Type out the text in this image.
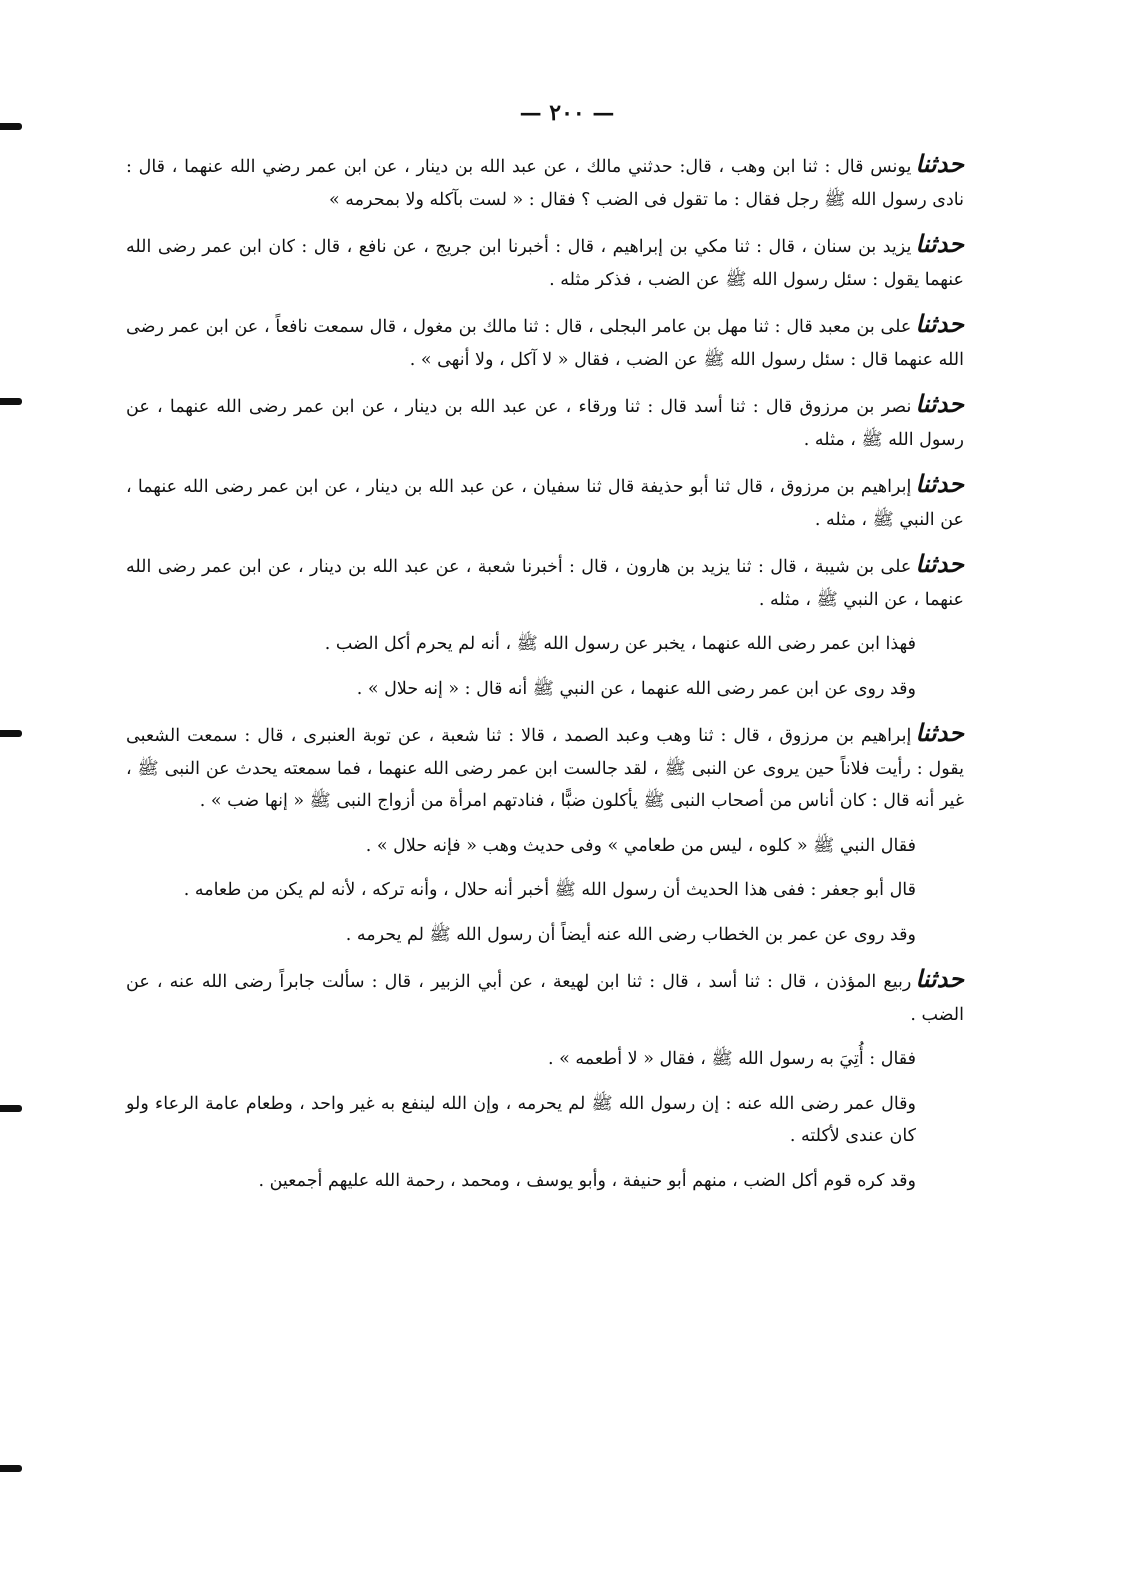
— ٢٠٠ —

حدثنايونس قال : ثنا ابن وهب ، قال: حدثني مالك ، عن عبد الله بن دينار ، عن ابن عمر رضي الله عنهما ، قال : نادى رسول الله ﷺ رجل فقال : ما تقول فى الضب ؟ فقال : « لست بآكله ولا بمحرمه »

حدثنايزيد بن سنان ، قال : ثنا مكي بن إبراهيم ، قال : أخبرنا ابن جريج ، عن نافع ، قال : كان ابن عمر رضى الله عنهما يقول : سئل رسول الله ﷺ عن الضب ، فذكر مثله .

حدثناعلى بن معبد قال : ثنا مهل بن عامر البجلى ، قال : ثنا مالك بن مغول ، قال سمعت نافعاً ، عن ابن عمر رضى الله عنهما قال : سئل رسول الله ﷺ عن الضب ، فقال « لا آكل ، ولا أنهى » .

حدثنانصر بن مرزوق قال : ثنا أسد قال : ثنا ورقاء ، عن عبد الله بن دينار ، عن ابن عمر رضى الله عنهما ، عن رسول الله ﷺ ، مثله .

حدثناإبراهيم بن مرزوق ، قال ثنا أبو حذيفة قال ثنا سفيان ، عن عبد الله بن دينار ، عن ابن عمر رضى الله عنهما ، عن النبي ﷺ ، مثله .

حدثناعلى بن شيبة ، قال : ثنا يزيد بن هارون ، قال : أخبرنا شعبة ، عن عبد الله بن دينار ، عن ابن عمر رضى الله عنهما ، عن النبي ﷺ ، مثله .

فهذا ابن عمر رضى الله عنهما ، يخبر عن رسول الله ﷺ ، أنه لم يحرم أكل الضب .

وقد روى عن ابن عمر رضى الله عنهما ، عن النبي ﷺ أنه قال : « إنه حلال » .

حدثناإبراهيم بن مرزوق ، قال : ثنا وهب وعبد الصمد ، قالا : ثنا شعبة ، عن توبة العنبرى ، قال : سمعت الشعبى يقول : رأيت فلاناً حين يروى عن النبى ﷺ ، لقد جالست ابن عمر رضى الله عنهما ، فما سمعته يحدث عن النبى ﷺ ، غير أنه قال : كان أناس من أصحاب النبى ﷺ يأكلون ضبًّا ، فنادتهم امرأة من أزواج النبى ﷺ « إنها ضب » .

فقال النبي ﷺ « كلوه ، ليس من طعامي » وفى حديث وهب « فإنه حلال » .

قال أبو جعفر : ففى هذا الحديث أن رسول الله ﷺ أخبر أنه حلال ، وأنه تركه ، لأنه لم يكن من طعامه .

وقد روى عن عمر بن الخطاب رضى الله عنه أيضاً أن رسول الله ﷺ لم يحرمه .

حدثناربيع المؤذن ، قال : ثنا أسد ، قال : ثنا ابن لهيعة ، عن أبي الزبير ، قال : سألت جابراً رضى الله عنه ، عن الضب .

فقال : أُتِيَ به رسول الله ﷺ ، فقال « لا أطعمه » .

وقال عمر رضى الله عنه : إن رسول الله ﷺ لم يحرمه ، وإن الله لينفع به غير واحد ، وطعام عامة الرعاء ولو كان عندى لأكلته .

وقد كره قوم أكل الضب ، منهم أبو حنيفة ، وأبو يوسف ، ومحمد ، رحمة الله عليهم أجمعين .
